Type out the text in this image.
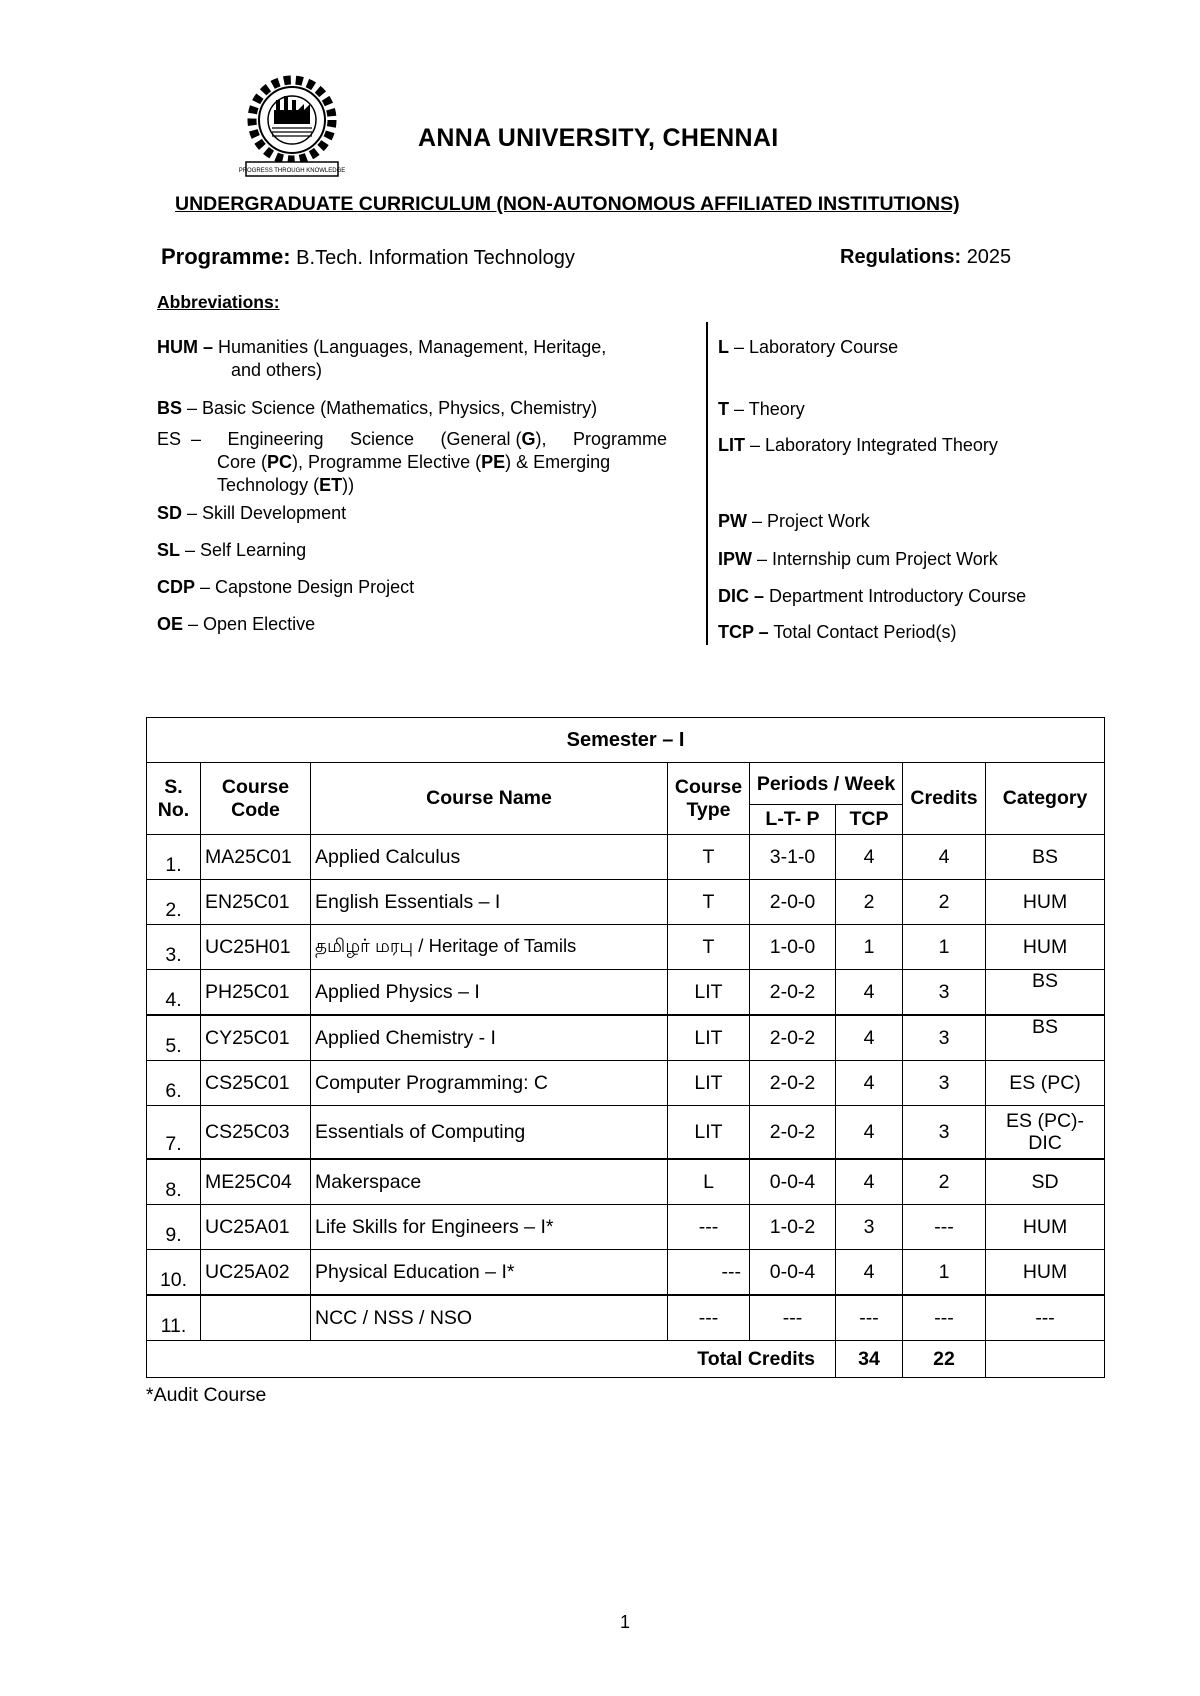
PROGRESS THROUGH KNOWLEDGE
ANNA UNIVERSITY, CHENNAI
UNDERGRADUATE CURRICULUM (NON-AUTONOMOUS AFFILIATED INSTITUTIONS)
Programme: B.Tech. Information Technology	Regulations: 2025
Abbreviations:
HUM – Humanities (Languages, Management, Heritage,
and others)
BS – Basic Science (Mathematics, Physics, Chemistry)
ES – Engineering Science (General (G), Programme
Core (PC), Programme Elective (PE) & Emerging
Technology (ET))
SD – Skill Development
SL – Self Learning
CDP – Capstone Design Project
OE – Open Elective
L – Laboratory Course
T – Theory
LIT – Laboratory Integrated Theory
PW – Project Work
IPW – Internship cum Project Work
DIC – Department Introductory Course
TCP – Total Contact Period(s)
Semester – I							
S. No.	Course Code	Course Name	Course Type	Periods / Week		Credits	Category
				L-T- P	TCP		
1.	MA25C01	Applied Calculus	T	3-1-0	4	4	BS
2.	EN25C01	English Essentials – I	T	2-0-0	2	2	HUM
3.	UC25H01	தமிழர் மரபு / Heritage of Tamils	T	1-0-0	1	1	HUM
4.	PH25C01	Applied Physics – I	LIT	2-0-2	4	3	BS
5.	CY25C01	Applied Chemistry - I	LIT	2-0-2	4	3	BS
6.	CS25C01	Computer Programming: C	LIT	2-0-2	4	3	ES (PC)
7.	CS25C03	Essentials of Computing	LIT	2-0-2	4	3	ES (PC)-DIC
8.	ME25C04	Makerspace	L	0-0-4	4	2	SD
9.	UC25A01	Life Skills for Engineers – I*	---	1-0-2	3	---	HUM
10.	UC25A02	Physical Education – I*	---	0-0-4	4	1	HUM
11.		NCC / NSS / NSO	---	---	---	---	---
Total Credits					34	22	
*Audit Course
1
